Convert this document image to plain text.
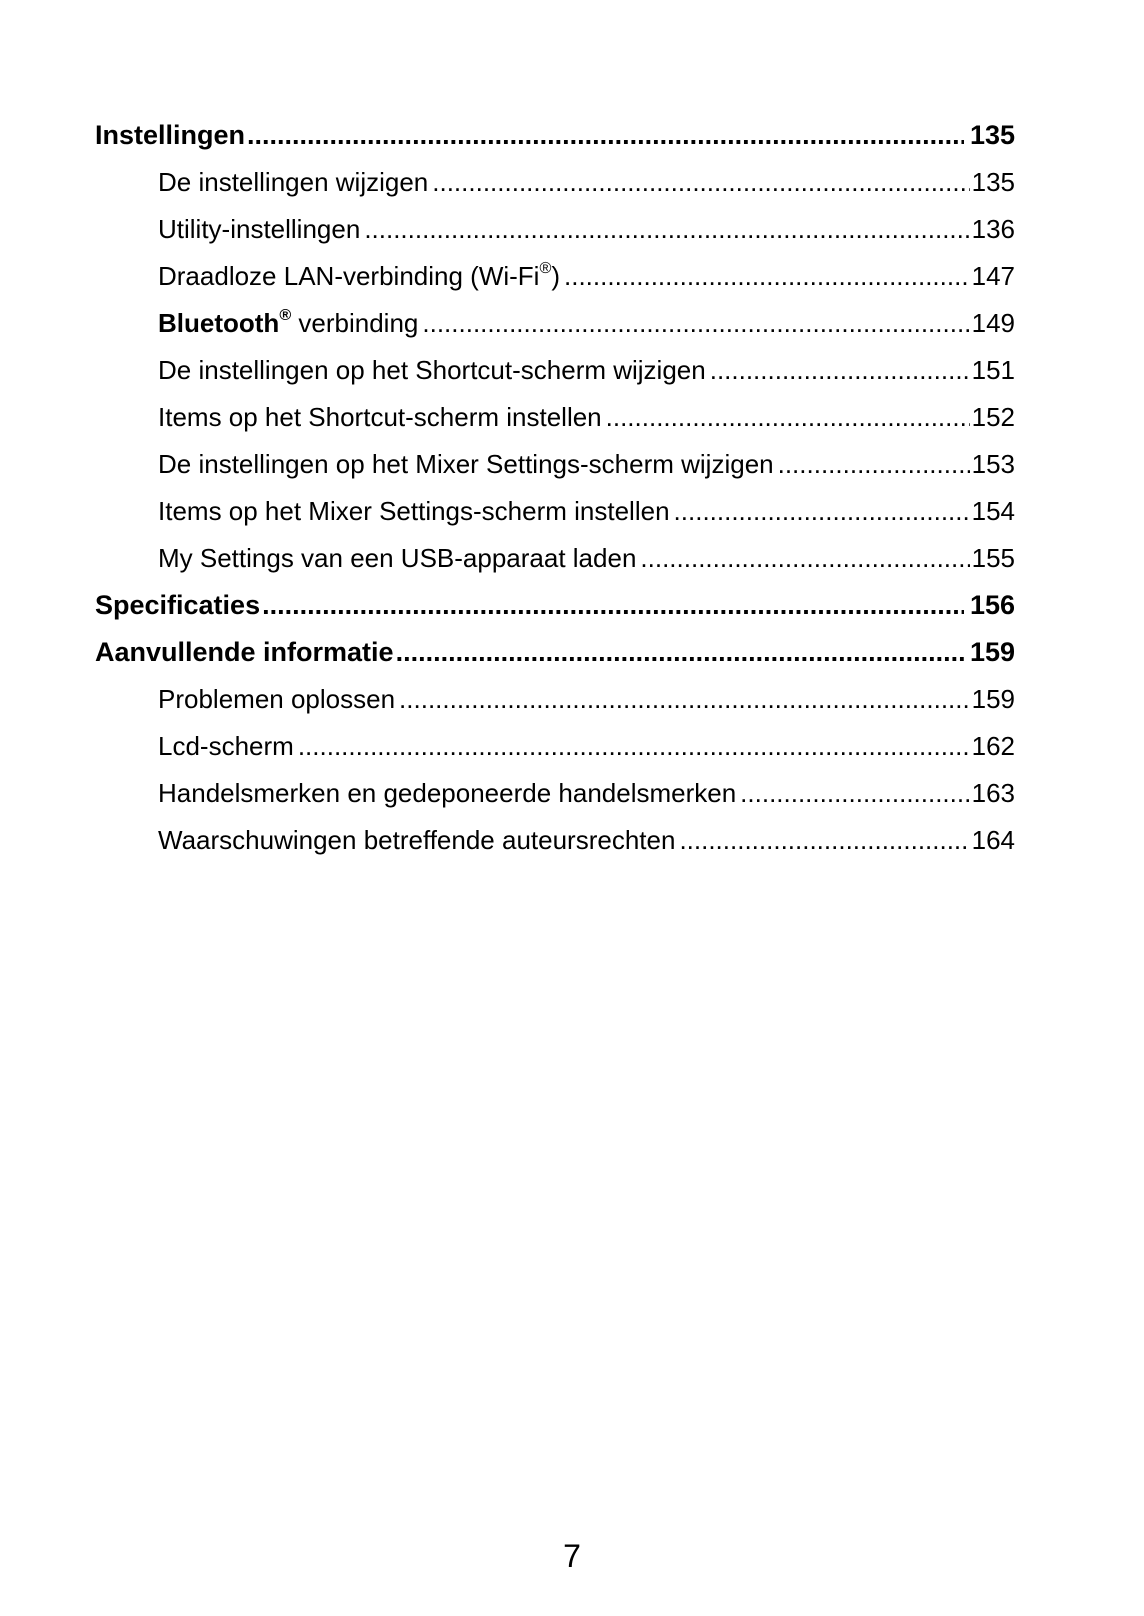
Instellingen .....	135
De instellingen wijzigen .....	135
Utility-instellingen .....	136
Draadloze LAN-verbinding (Wi-Fi®) .....	147
Bluetooth® verbinding .....	149
De instellingen op het Shortcut-scherm wijzigen .....	151
Items op het Shortcut-scherm instellen .....	152
De instellingen op het Mixer Settings-scherm wijzigen .....	153
Items op het Mixer Settings-scherm instellen .....	154
My Settings van een USB-apparaat laden .....	155
Specificaties .....	156
Aanvullende informatie .....	159
Problemen oplossen .....	159
Lcd-scherm .....	162
Handelsmerken en gedeponeerde handelsmerken .....	163
Waarschuwingen betreffende auteursrechten .....	164
7
